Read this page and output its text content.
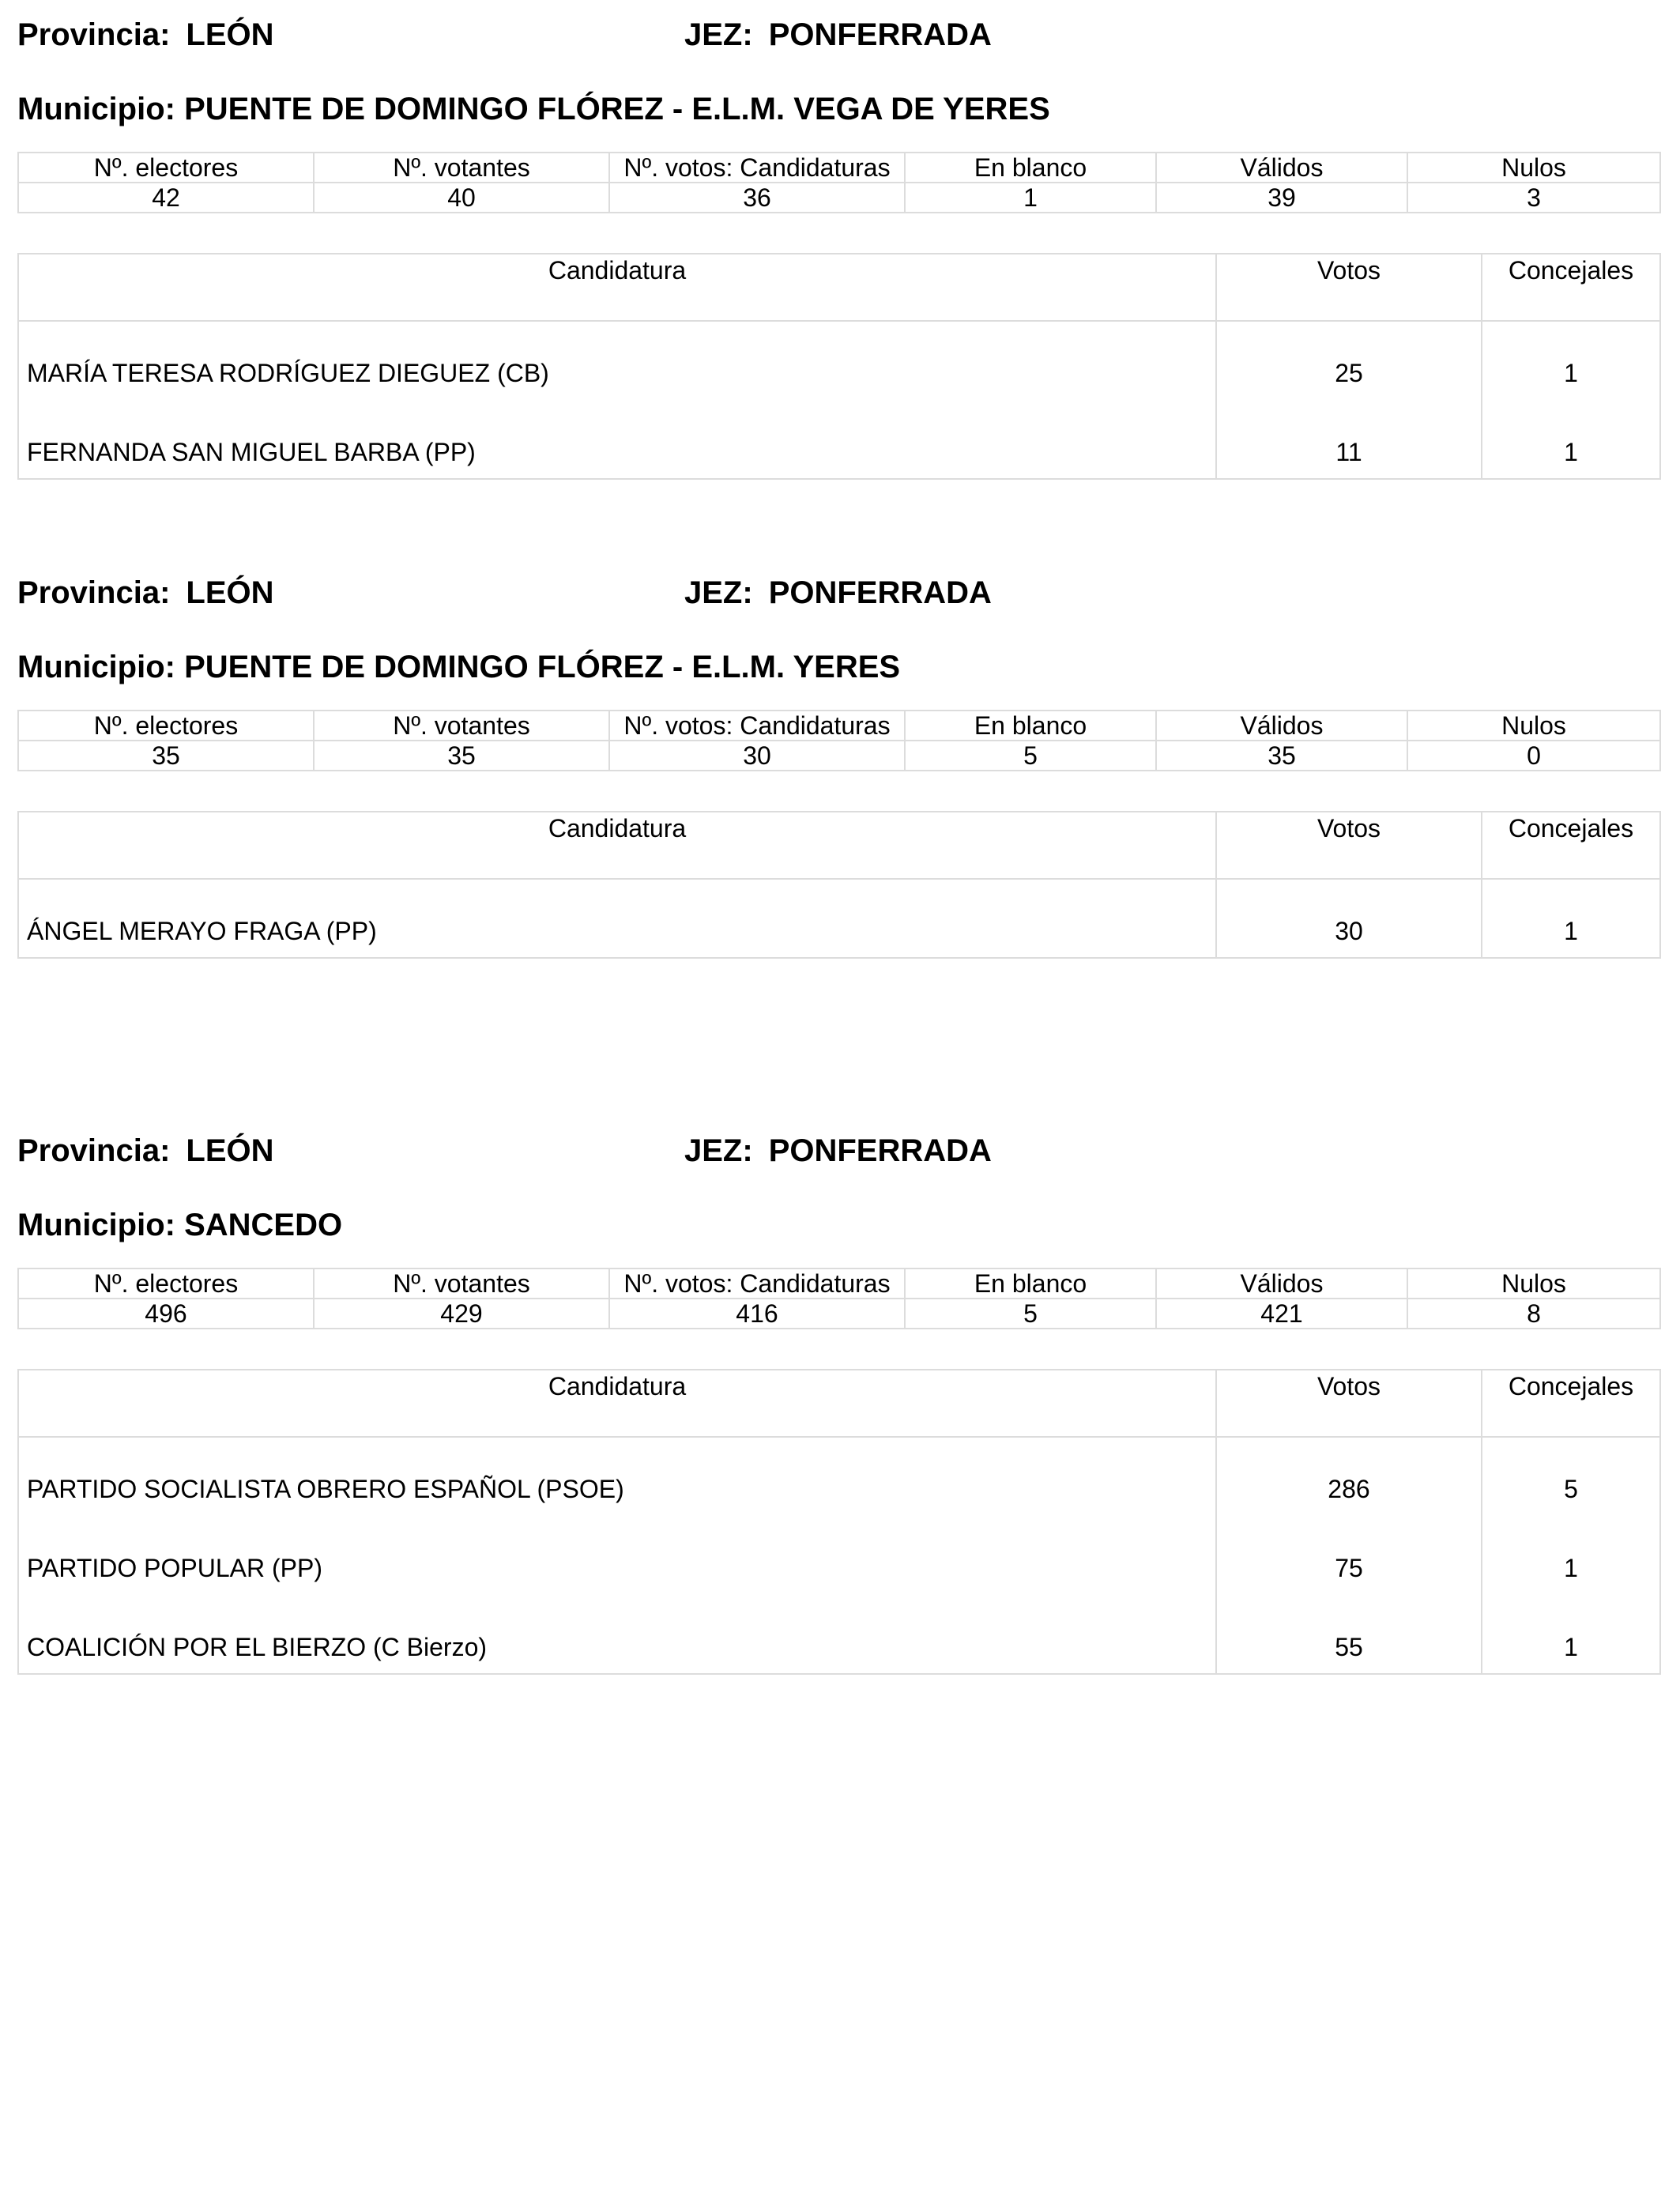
Provincia: LEÓN	JEZ: PONFERRADA
Municipio: PUENTE DE DOMINGO FLÓREZ - E.L.M. VEGA DE YERES
Nº. electores	Nº. votantes	Nº. votos: Candidaturas	En blanco	Válidos	Nulos
42	40	36	1	39	3
Candidatura	Votos	Concejales
MARÍA TERESA RODRÍGUEZ DIEGUEZ (CB)	25	1
FERNANDA SAN MIGUEL BARBA (PP)	11	1
Provincia: LEÓN	JEZ: PONFERRADA
Municipio: PUENTE DE DOMINGO FLÓREZ - E.L.M. YERES
Nº. electores	Nº. votantes	Nº. votos: Candidaturas	En blanco	Válidos	Nulos
35	35	30	5	35	0
Candidatura	Votos	Concejales
ÁNGEL MERAYO FRAGA (PP)	30	1
Provincia: LEÓN	JEZ: PONFERRADA
Municipio: SANCEDO
Nº. electores	Nº. votantes	Nº. votos: Candidaturas	En blanco	Válidos	Nulos
496	429	416	5	421	8
Candidatura	Votos	Concejales
PARTIDO SOCIALISTA OBRERO ESPAÑOL (PSOE)	286	5
PARTIDO POPULAR (PP)	75	1
COALICIÓN POR EL BIERZO (C Bierzo)	55	1
